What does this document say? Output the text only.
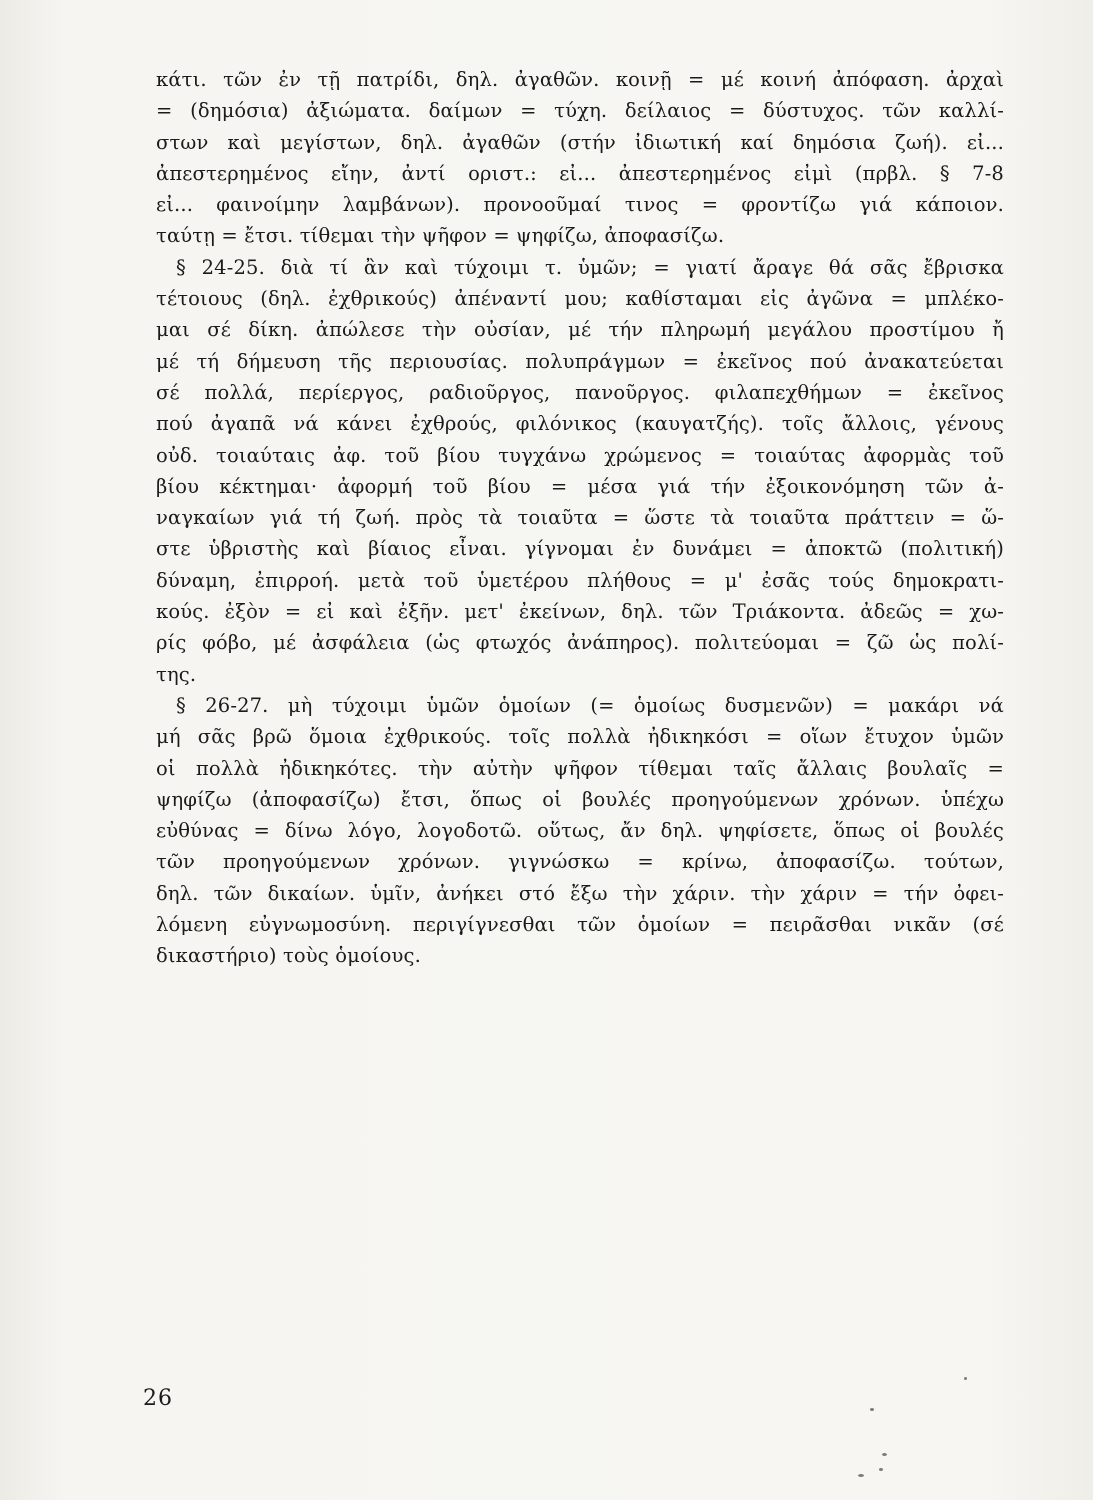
κάτι. τῶν ἐν τῇ πατρίδι, δηλ. ἀγαθῶν. κοινῇ = μέ κοινή ἀπόφαση. ἀρχαὶ
= (δημόσια) ἀξιώματα. δαίμων = τύχη. δείλαιος = δύστυχος. τῶν καλλί-
στων καὶ μεγίστων, δηλ. ἀγαθῶν (στήν ἰδιωτική καί δημόσια ζωή). εἰ...
ἀπεστερημένος εἴην, ἀντί οριστ.: εἰ... ἀπεστερημένος εἰμὶ (πρβλ. § 7-8
εἰ... φαινοίμην λαμβάνων). προνοοῦμαί τινος = φροντίζω γιά κάποιον.
ταύτῃ = ἔτσι. τίθεμαι τὴν ψῆφον = ψηφίζω, ἀποφασίζω.
§ 24-25. διὰ τί ἂν καὶ τύχοιμι τ. ὑμῶν; = γιατί ἄραγε θά σᾶς ἔβρισκα
τέτοιους (δηλ. ἐχθρικούς) ἀπέναντί μου; καθίσταμαι εἰς ἀγῶνα = μπλέκο-
μαι σέ δίκη. ἀπώλεσε τὴν οὐσίαν, μέ τήν πληρωμή μεγάλου προστίμου ἤ
μέ τή δήμευση τῆς περιουσίας. πολυπράγμων = ἐκεῖνος πού ἀνακατεύεται
σέ πολλά, περίεργος, ραδιοῦργος, πανοῦργος. φιλαπεχθήμων = ἐκεῖνος
πού ἀγαπᾶ νά κάνει ἐχθρούς, φιλόνικος (καυγατζής). τοῖς ἄλλοις, γένους
οὐδ. τοιαύταις ἀφ. τοῦ βίου τυγχάνω χρώμενος = τοιαύτας ἀφορμὰς τοῦ
βίου κέκτημαι· ἀφορμή τοῦ βίου = μέσα γιά τήν ἐξοικονόμηση τῶν ἀ-
ναγκαίων γιά τή ζωή. πρὸς τὰ τοιαῦτα = ὥστε τὰ τοιαῦτα πράττειν = ὥ-
στε ὑβριστὴς καὶ βίαιος εἶναι. γίγνομαι ἐν δυνάμει = ἀποκτῶ (πολιτική)
δύναμη, ἐπιρροή. μετὰ τοῦ ὑμετέρου πλήθους = μ' ἐσᾶς τούς δημοκρατι-
κούς. ἐξὸν = εἰ καὶ ἐξῆν. μετ' ἐκείνων, δηλ. τῶν Τριάκοντα. ἀδεῶς = χω-
ρίς φόβο, μέ ἀσφάλεια (ὡς φτωχός ἀνάπηρος). πολιτεύομαι = ζῶ ὡς πολί-
της.
§ 26-27. μὴ τύχοιμι ὑμῶν ὁμοίων (= ὁμοίως δυσμενῶν) = μακάρι νά
μή σᾶς βρῶ ὅμοια ἐχθρικούς. τοῖς πολλὰ ἠδικηκόσι = οἵων ἔτυχον ὑμῶν
οἱ πολλὰ ἠδικηκότες. τὴν αὐτὴν ψῆφον τίθεμαι ταῖς ἄλλαις βουλαῖς =
ψηφίζω (ἀποφασίζω) ἔτσι, ὅπως οἱ βουλές προηγούμενων χρόνων. ὑπέχω
εὐθύνας = δίνω λόγο, λογοδοτῶ. οὕτως, ἄν δηλ. ψηφίσετε, ὅπως οἱ βουλές
τῶν προηγούμενων χρόνων. γιγνώσκω = κρίνω, ἀποφασίζω. τούτων,
δηλ. τῶν δικαίων. ὑμῖν, ἀνήκει στό ἔξω τὴν χάριν. τὴν χάριν = τήν ὀφει-
λόμενη εὐγνωμοσύνη. περιγίγνεσθαι τῶν ὁμοίων = πειρᾶσθαι νικᾶν (σέ
δικαστήριο) τοὺς ὁμοίους.
26
